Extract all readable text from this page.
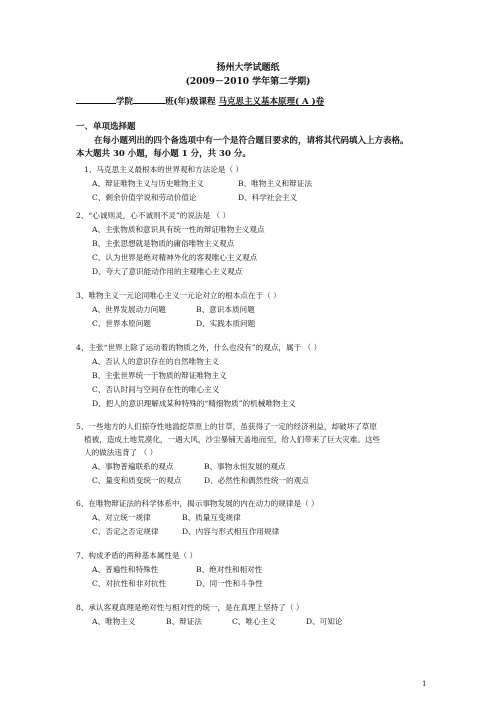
扬州大学试题纸
(2009－2010 学年第二学期)
学院	班(年)级课程 马克思主义基本原理( A )卷
一、单项选择题
在每小题列出的四个备选项中有一个是符合题目要求的，请将其代码填入上方表格。
本大题共 30 小题，每小题 1 分，共 30 分。
1、马克思主义最根本的世界观和方法论是（ ）
A、辩证唯物主义与历史唯物主义	B、唯物主义和辩证法
C、剩余价值学说和劳动价值论	D、科学社会主义
2、“心诚则灵，心不诚则不灵”的说法是 （ ）
A、主张物质和意识具有统一性的辩证唯物主义观点
B、主张思想就是物质的庸俗唯物主义观点
C、认为世界是绝对精神外化的客观唯心主义观点
D、夸大了意识能动作用的主观唯心主义观点
3、唯物主义一元论同唯心主义一元论对立的根本点在于（ ）
A、世界发展动力问题	B、意识本质问题
C、世界本原问题	D、实践本质问题
4、主张“世界上除了运动着的物质之外，什么也没有”的观点，属于 （ ）
A、否认人的意识存在的自然唯物主义
B、主张世界统一于物质的辩证唯物主义
C、否认时间与空间存在性的唯心主义
D、把人的意识理解成某种特殊的“精细物质”的机械唯物主义
5、一些地方的人们掠夺性地滥挖草原上的甘草，虽获得了一定的经济利益，却破坏了草原
植被，造成土地荒漠化，一遇大风，沙尘暴铺天盖地而至，给人们带来了巨大灾难。这些
人的做法违背了 （ ）
A、事物普遍联系的观点	B、事物永恒发展的观点
C、量变和质变统一的观点	D、必然性和偶然性统一的观点
6、在唯物辩证法的科学体系中，揭示事物发展的内在动力的规律是（ ）
A、对立统一规律	B、质量互变规律
C、否定之否定规律	D、内容与形式相互作用规律
7、构成矛盾的两种基本属性是（ ）
A、普遍性和特殊性	B、绝对性和相对性
C、对抗性和非对抗性	D、同一性和斗争性
8、承认客观真理是绝对性与相对性的统一，是在真理上坚持了（ ）
A、唯物主义	B、辩证法	C、唯心主义	D、可知论
1
